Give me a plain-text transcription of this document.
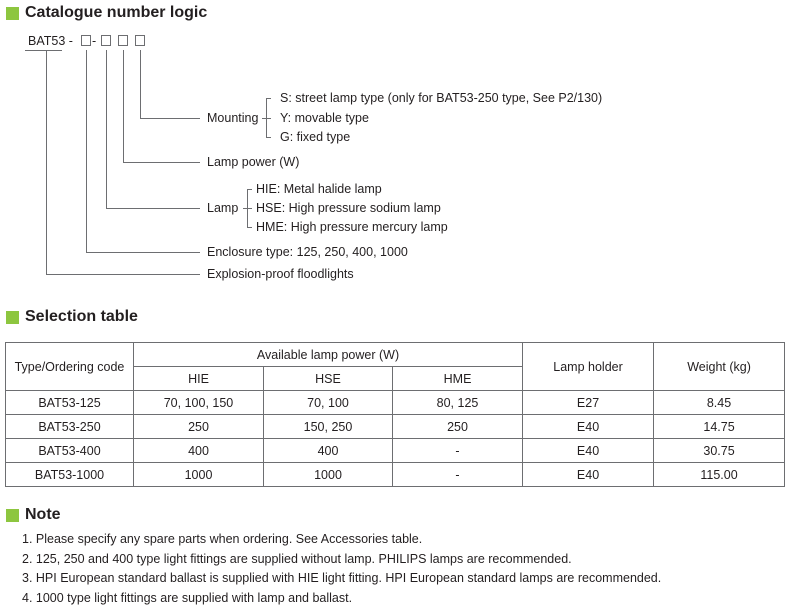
Catalogue number logic
BAT53 - -
Mounting
S: street lamp type (only for BAT53-250 type, See P2/130)
Y: movable type
G: fixed type
Lamp power (W)
Lamp
HIE: Metal halide lamp
HSE: High pressure sodium lamp
HME: High pressure mercury lamp
Enclosure type: 125, 250, 400, 1000
Explosion-proof floodlights
Selection table
Type/Ordering code	Available lamp power (W)			Lamp holder	Weight (kg)
	HIE	HSE	HME		
BAT53-125	70, 100, 150	70, 100	80, 125	E27	8.45
BAT53-250	250	150, 250	250	E40	14.75
BAT53-400	400	400	-	E40	30.75
BAT53-1000	1000	1000	-	E40	115.00
Note
1. Please specify any spare parts when ordering. See Accessories table.
2. 125, 250 and 400 type light fittings are supplied without lamp. PHILIPS lamps are recommended.
3. HPI European standard ballast is supplied with HIE light fitting. HPI European standard lamps are recommended.
4. 1000 type light fittings are supplied with lamp and ballast.
